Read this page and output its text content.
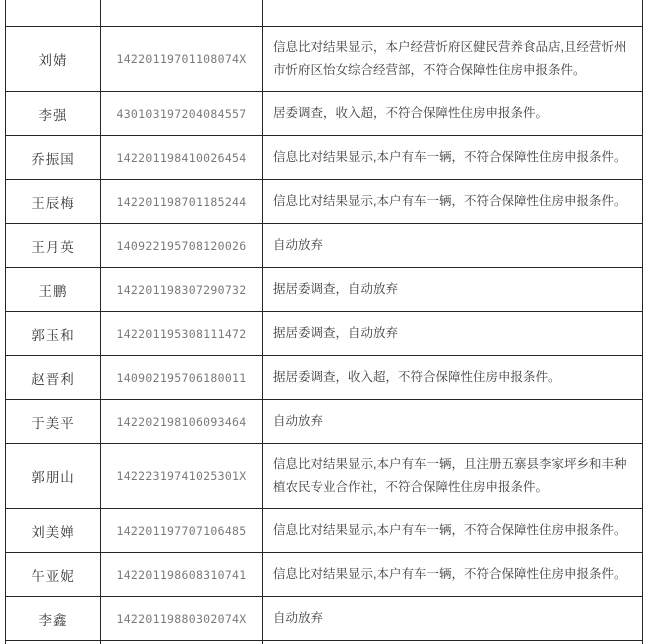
刘婧	14220119701108074X	信息比对结果显示，本户经营忻府区健民营养食品店,且经营忻州市忻府区怡女综合经营部，不符合保障性住房申报条件。
李强	430103197204084557	居委调查，收入超，不符合保障性住房申报条件。
乔振国	142201198410026454	信息比对结果显示,本户有车一辆，不符合保障性住房申报条件。
王辰梅	142201198701185244	信息比对结果显示,本户有车一辆，不符合保障性住房申报条件。
王月英	140922195708120026	自动放弃
王鹏	142201198307290732	据居委调查，自动放弃
郭玉和	142201195308111472	据居委调查，自动放弃
赵晋利	140902195706180011	据居委调查，收入超，不符合保障性住房申报条件。
于美平	142202198106093464	自动放弃
郭朋山	14222319741025301X	信息比对结果显示,本户有车一辆，且注册五寨县李家坪乡和丰种植农民专业合作社，不符合保障性住房申报条件。
刘美婵	142201197707106485	信息比对结果显示,本户有车一辆，不符合保障性住房申报条件。
午亚妮	142201198608310741	信息比对结果显示,本户有车一辆，不符合保障性住房申报条件。
李鑫	14220119880302074X	自动放弃
